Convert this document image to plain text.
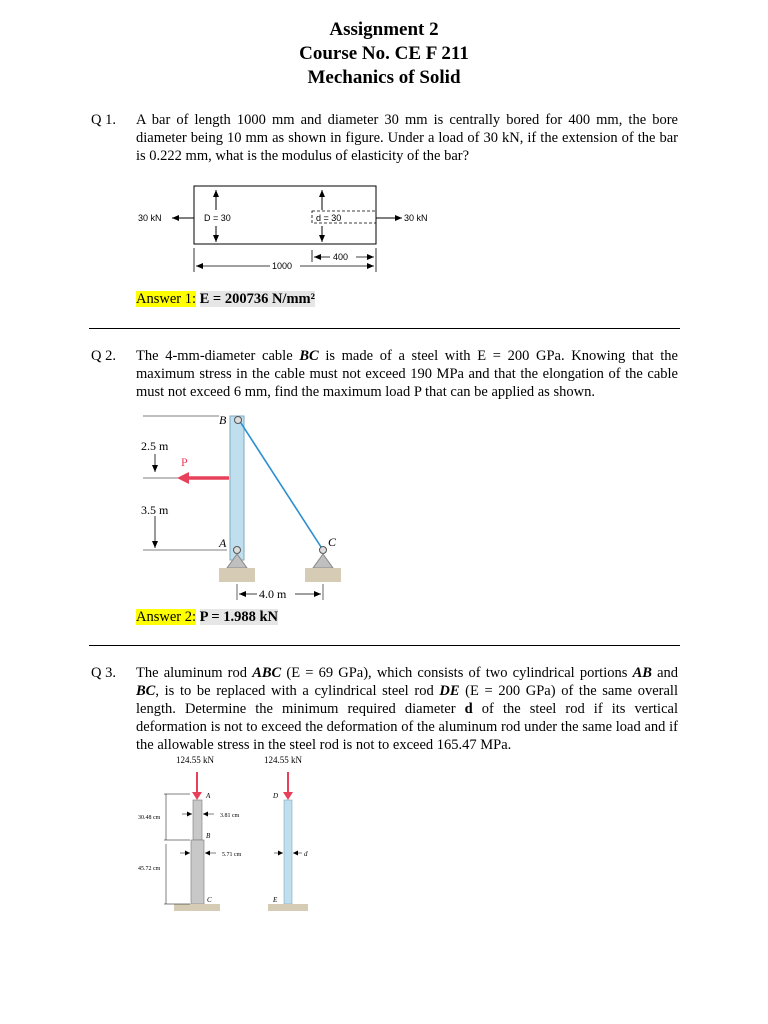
Assignment 2
Course No. CE F 211
Mechanics of Solid
Q 1. A bar of length 1000 mm and diameter 30 mm is centrally bored for 400 mm, the bore diameter being 10 mm as shown in figure. Under a load of 30 kN, if the extension of the bar is 0.222 mm, what is the modulus of elasticity of the bar?
30 kN	30 kN
D = 30	d = 30
1000
400
Answer 1: E = 200736 N/mm²
Q 2. The 4-mm-diameter cable BC is made of a steel with E = 200 GPa. Knowing that the maximum stress in the cable must not exceed 190 MPa and that the elongation of the cable must not exceed 6 mm, find the maximum load P that can be applied as shown.
B
A	C
2.5 m
3.5 m
P
4.0 m
Answer 2: P = 1.988 kN
Q 3. The aluminum rod ABC (E = 69 GPa), which consists of two cylindrical portions AB and BC, is to be replaced with a cylindrical steel rod DE (E = 200 GPa) of the same overall length. Determine the minimum required diameter d of the steel rod if its vertical deformation is not to exceed the deformation of the aluminum rod under the same load and if the allowable stress in the steel rod is not to exceed 165.47 MPa.
124.55 kN	124.55 kN
A
B
C
D
E
30.48 cm
45.72 cm
3.81 cm
5.71 cm	d
